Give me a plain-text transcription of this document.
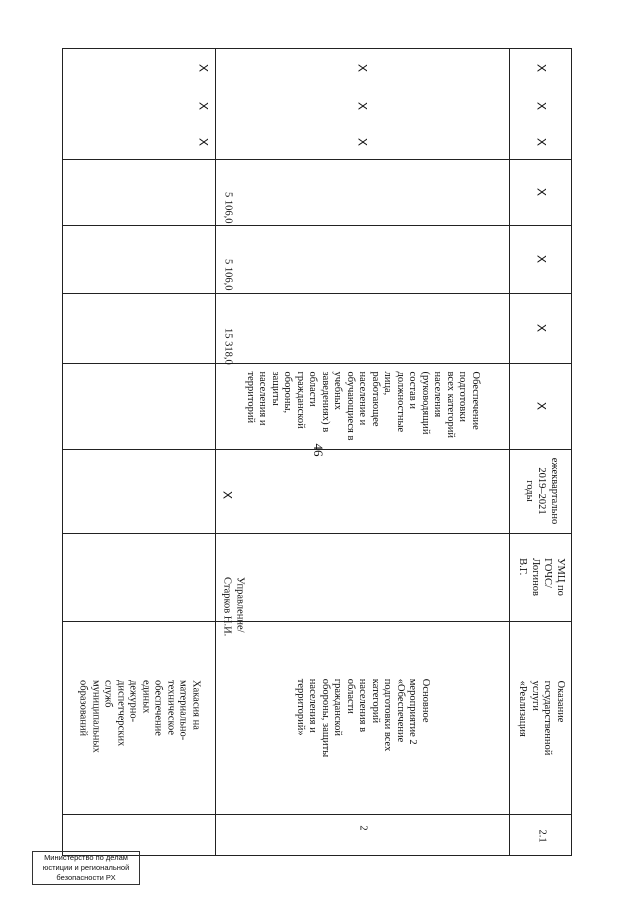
46
Хакасия на
материально-
техническое
обеспечение
единых дежурно-
диспетчерских
служб
муниципальных
образований
2
Основное
мероприятие 2
«Обеспечение
подготовки всех
категорий
населения в
области
гражданской
обороны, защиты
населения и
территорий»
Управление/
Старков Н.И.
X
Обеспечение
подготовки
всех категорий
населения
(руководящий
состав и
должностные
лица,
работающее
население и
обучающиеся в
учебных
заведениях) в
области
гражданской
обороны,
защиты
населения и
территорий
15 318,0
5 106,0
5 106,0
2.1
Оказание
государственной
услуги
«Реализация
УМЦ по ГОЧС/
Логинов В.Г.
ежеквартально 2019–2021
годы
X
X
X
X
X
X
X
X
X
X
X
X
X
Министерство по делам
юстиции и региональной
безопасности РХ
